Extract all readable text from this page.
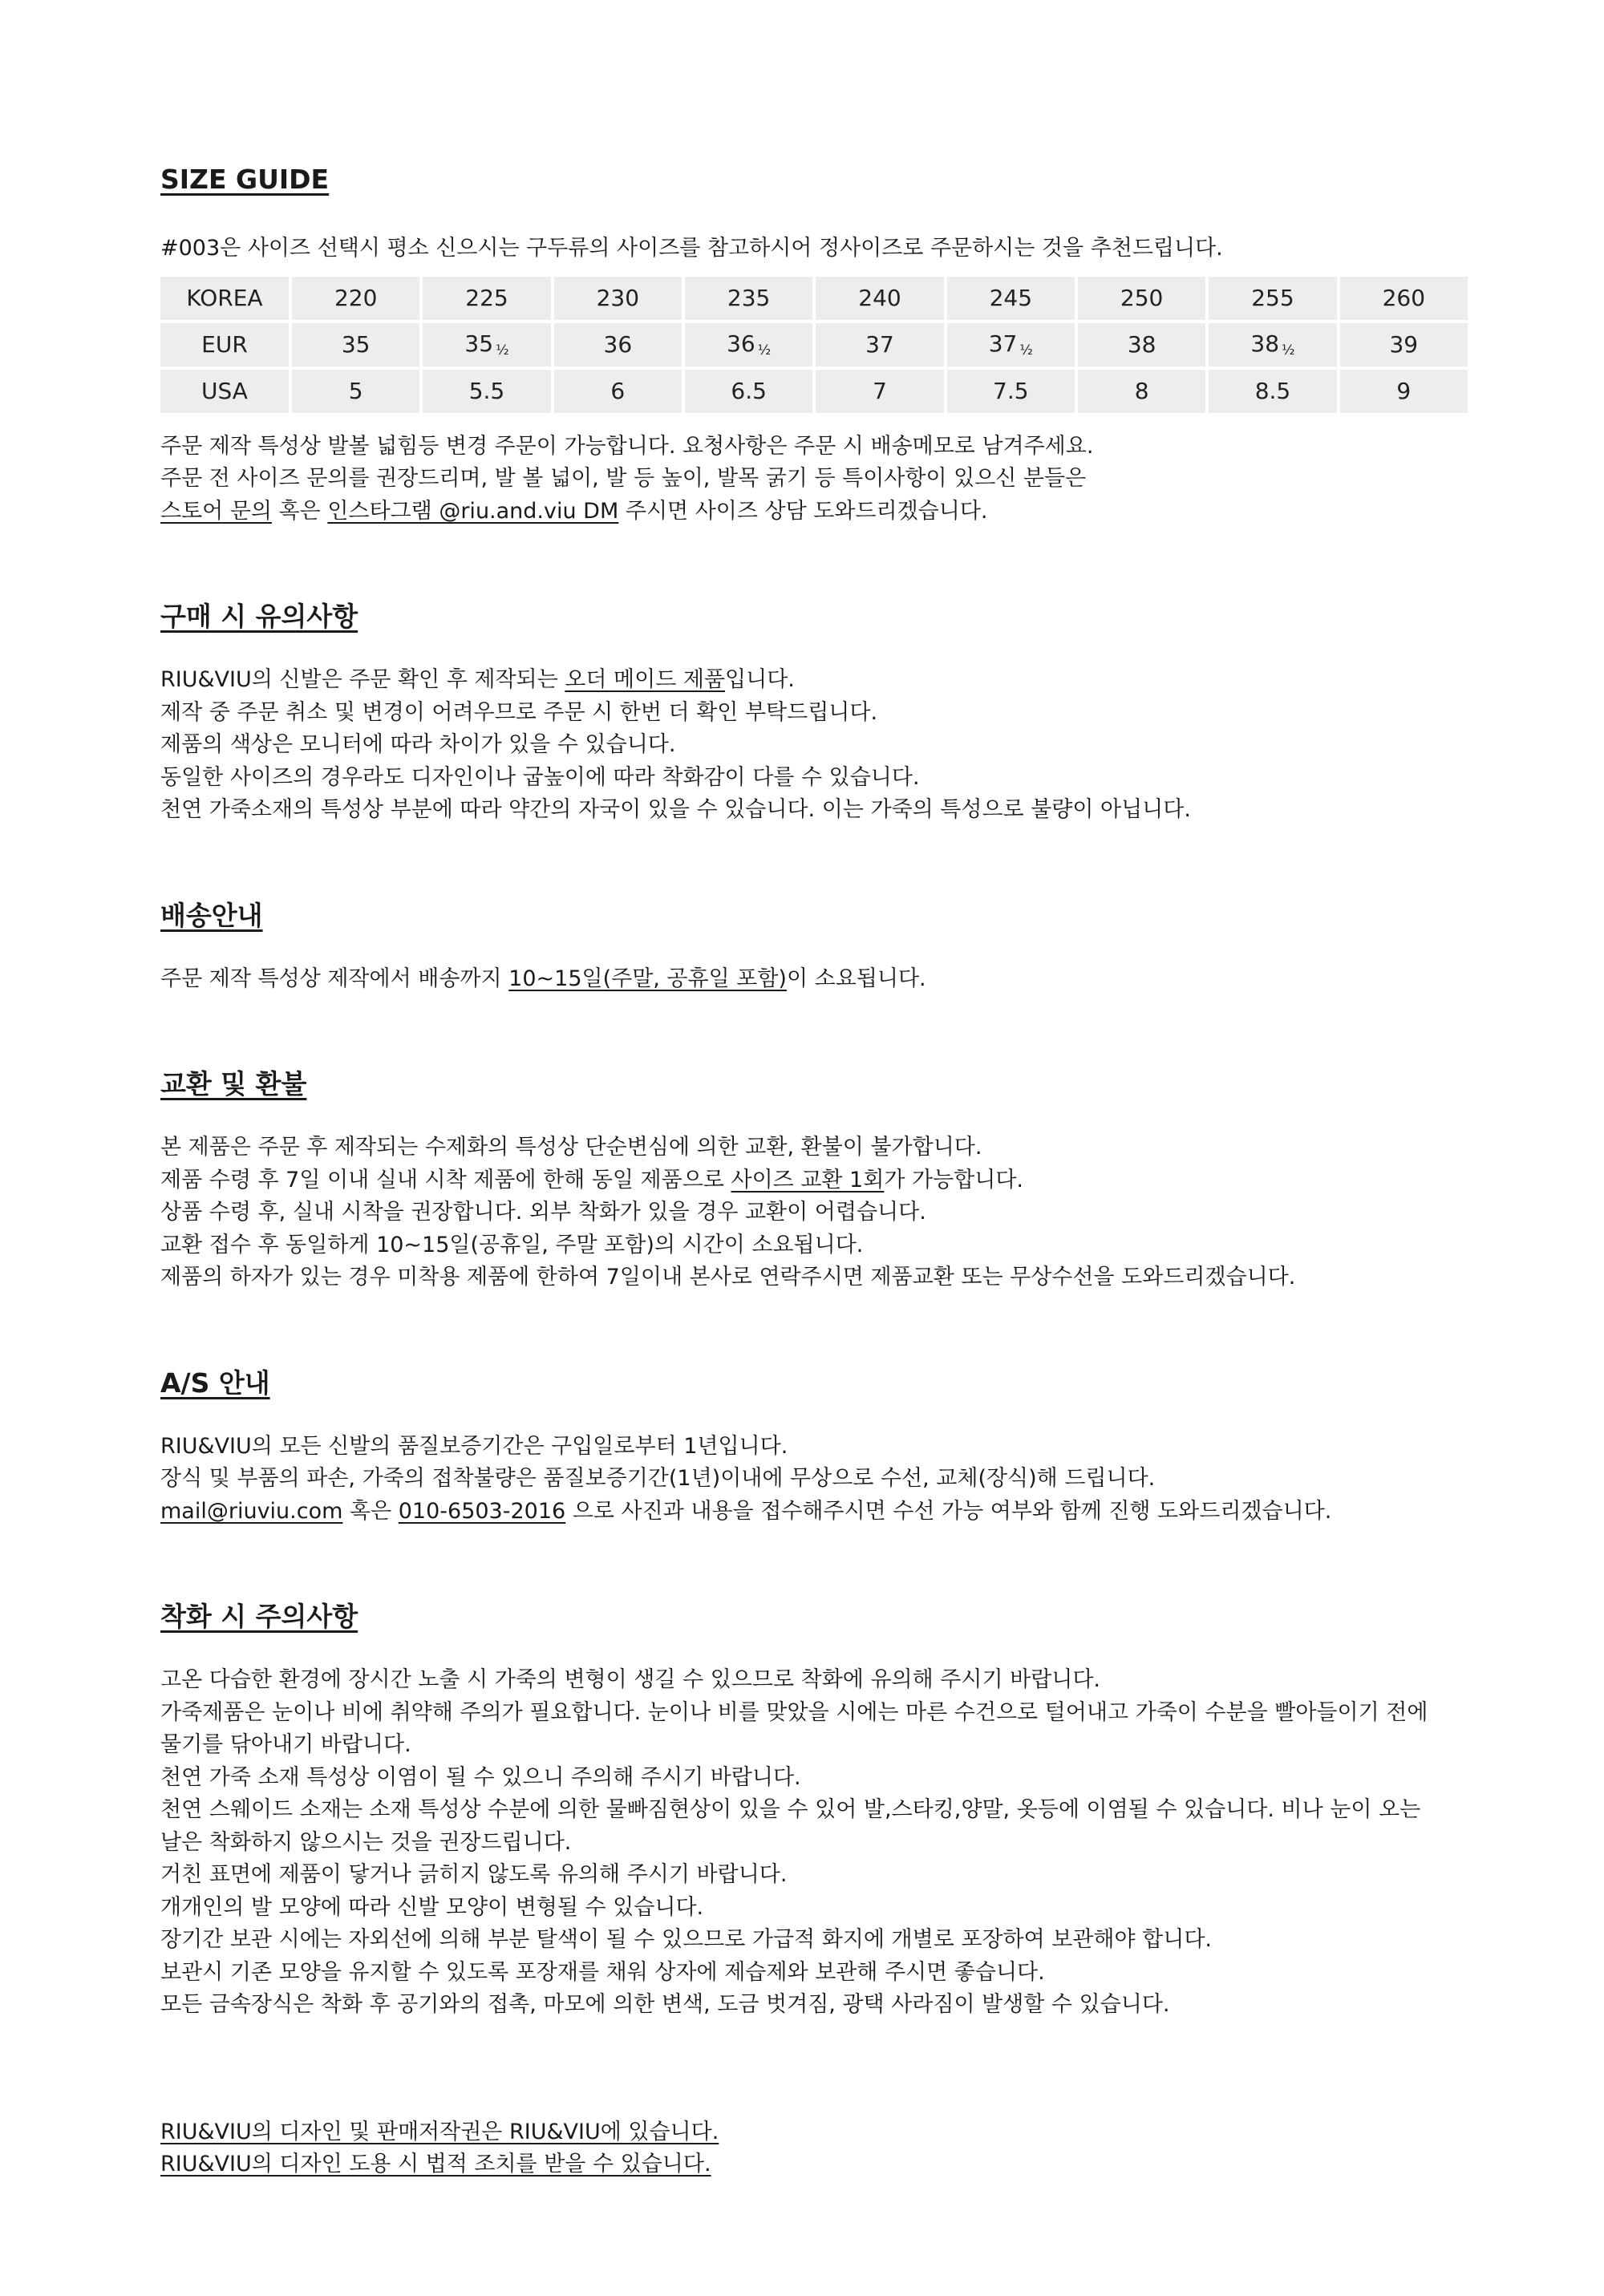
SIZE GUIDE

#003은 사이즈 선택시 평소 신으시는 구두류의 사이즈를 참고하시어 정사이즈로 주문하시는 것을 추천드립니다.

KOREA	220	225	230	235	240	245	250	255	260
EUR	35	35 ½	36	36 ½	37	37 ½	38	38 ½	39
USA	5	5.5	6	6.5	7	7.5	8	8.5	9

주문 제작 특성상 발볼 넓힘등 변경 주문이 가능합니다. 요청사항은 주문 시 배송메모로 남겨주세요.

주문 전 사이즈 문의를 권장드리며, 발 볼 넓이, 발 등 높이, 발목 굵기 등 특이사항이 있으신 분들은

스토어 문의 혹은 인스타그램 @riu.and.viu DM 주시면 사이즈 상담 도와드리겠습니다.

구매 시 유의사항

RIU&VIU의 신발은 주문 확인 후 제작되는 오더 메이드 제품입니다.

제작 중 주문 취소 및 변경이 어려우므로 주문 시 한번 더 확인 부탁드립니다.

제품의 색상은 모니터에 따라 차이가 있을 수 있습니다.

동일한 사이즈의 경우라도 디자인이나 굽높이에 따라 착화감이 다를 수 있습니다.

천연 가죽소재의 특성상 부분에 따라 약간의 자국이 있을 수 있습니다. 이는 가죽의 특성으로 불량이 아닙니다.

배송안내

주문 제작 특성상 제작에서 배송까지 10~15일(주말, 공휴일 포함)이 소요됩니다.

교환 및 환불

본 제품은 주문 후 제작되는 수제화의 특성상 단순변심에 의한 교환, 환불이 불가합니다.

제품 수령 후 7일 이내 실내 시착 제품에 한해 동일 제품으로 사이즈 교환 1회가 가능합니다.

상품 수령 후, 실내 시착을 권장합니다. 외부 착화가 있을 경우 교환이 어렵습니다.

교환 접수 후 동일하게 10~15일(공휴일, 주말 포함)의 시간이 소요됩니다.

제품의 하자가 있는 경우 미착용 제품에 한하여 7일이내 본사로 연락주시면 제품교환 또는 무상수선을 도와드리겠습니다.

A/S 안내

RIU&VIU의 모든 신발의 품질보증기간은 구입일로부터 1년입니다.

장식 및 부품의 파손, 가죽의 접착불량은 품질보증기간(1년)이내에 무상으로 수선, 교체(장식)해 드립니다.

mail@riuviu.com 혹은 010-6503-2016 으로 사진과 내용을 접수해주시면 수선 가능 여부와 함께 진행 도와드리겠습니다.

착화 시 주의사항

고온 다습한 환경에 장시간 노출 시 가죽의 변형이 생길 수 있으므로 착화에 유의해 주시기 바랍니다.

가죽제품은 눈이나 비에 취약해 주의가 필요합니다. 눈이나 비를 맞았을 시에는 마른 수건으로 털어내고 가죽이 수분을 빨아들이기 전에

물기를 닦아내기 바랍니다.

천연 가죽 소재 특성상 이염이 될 수 있으니 주의해 주시기 바랍니다.

천연 스웨이드 소재는 소재 특성상 수분에 의한 물빠짐현상이 있을 수 있어 발,스타킹,양말, 옷등에 이염될 수 있습니다. 비나 눈이 오는

날은 착화하지 않으시는 것을 권장드립니다.

거친 표면에 제품이 닿거나 긁히지 않도록 유의해 주시기 바랍니다.

개개인의 발 모양에 따라 신발 모양이 변형될 수 있습니다.

장기간 보관 시에는 자외선에 의해 부분 탈색이 될 수 있으므로 가급적 화지에 개별로 포장하여 보관해야 합니다.

보관시 기존 모양을 유지할 수 있도록 포장재를 채워 상자에 제습제와 보관해 주시면 좋습니다.

모든 금속장식은 착화 후 공기와의 접촉, 마모에 의한 변색, 도금 벗겨짐, 광택 사라짐이 발생할 수 있습니다.

RIU&VIU의 디자인 및 판매저작권은 RIU&VIU에 있습니다.

RIU&VIU의 디자인 도용 시 법적 조치를 받을 수 있습니다.
